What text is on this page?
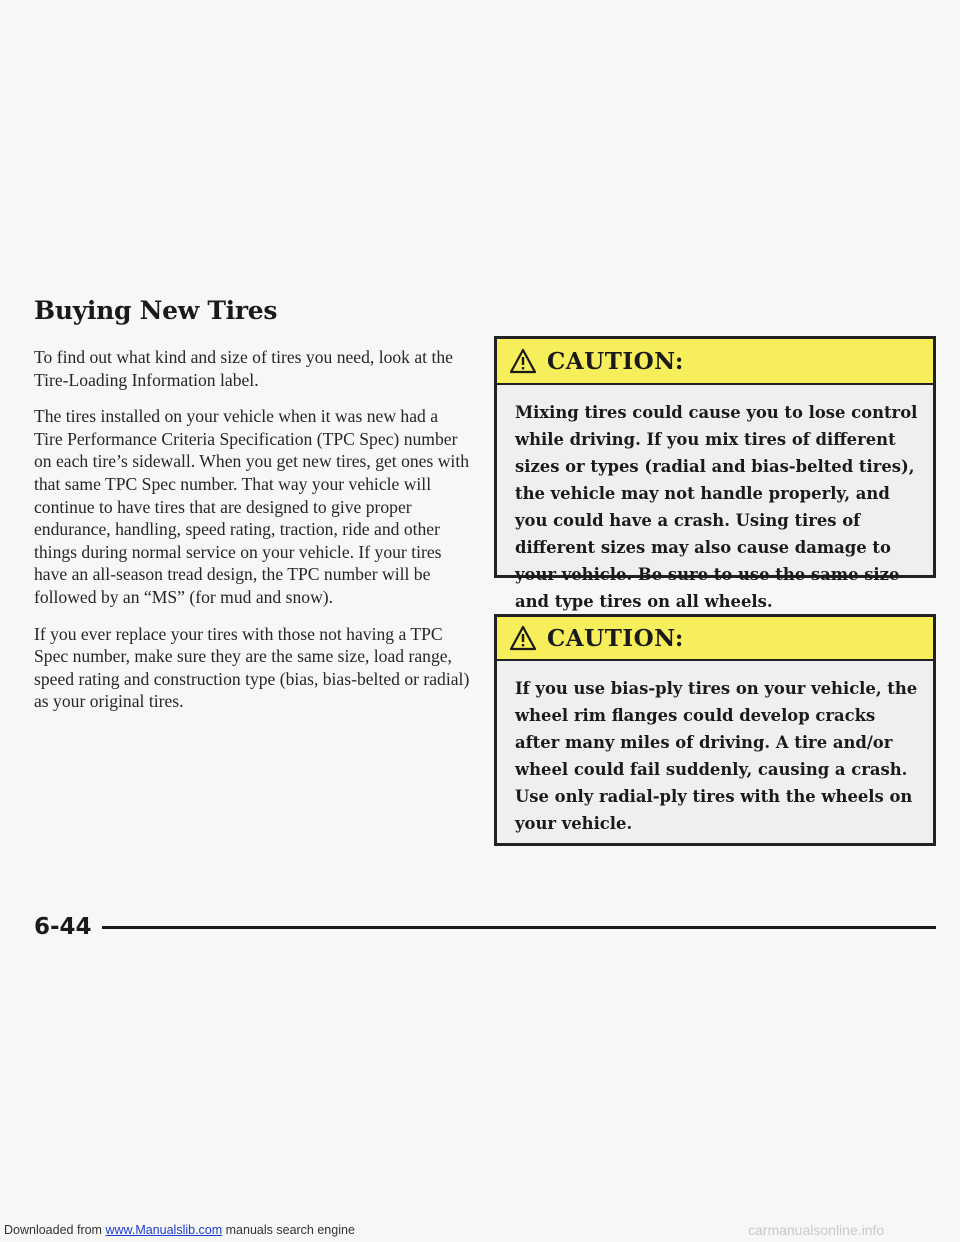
Buying New Tires

To find out what kind and size of tires you need, look at the Tire-Loading Information label.

The tires installed on your vehicle when it was new had a Tire Performance Criteria Specification (TPC Spec) number on each tire’s sidewall. When you get new tires, get ones with that same TPC Spec number. That way your vehicle will continue to have tires that are designed to give proper endurance, handling, speed rating, traction, ride and other things during normal service on your vehicle. If your tires have an all-season tread design, the TPC number will be followed by an “MS” (for mud and snow).

If you ever replace your tires with those not having a TPC Spec number, make sure they are the same size, load range, speed rating and construction type (bias, bias-belted or radial) as your original tires.

CAUTION:

Mixing tires could cause you to lose control while driving. If you mix tires of different sizes or types (radial and bias-belted tires), the vehicle may not handle properly, and you could have a crash. Using tires of different sizes may also cause damage to your vehicle. Be sure to use the same size and type tires on all wheels.

CAUTION:

If you use bias-ply tires on your vehicle, the wheel rim flanges could develop cracks after many miles of driving. A tire and/or wheel could fail suddenly, causing a crash. Use only radial-ply tires with the wheels on your vehicle.

6-44
Downloaded from www.Manualslib.com manuals search engine	carmanualsonline.info
